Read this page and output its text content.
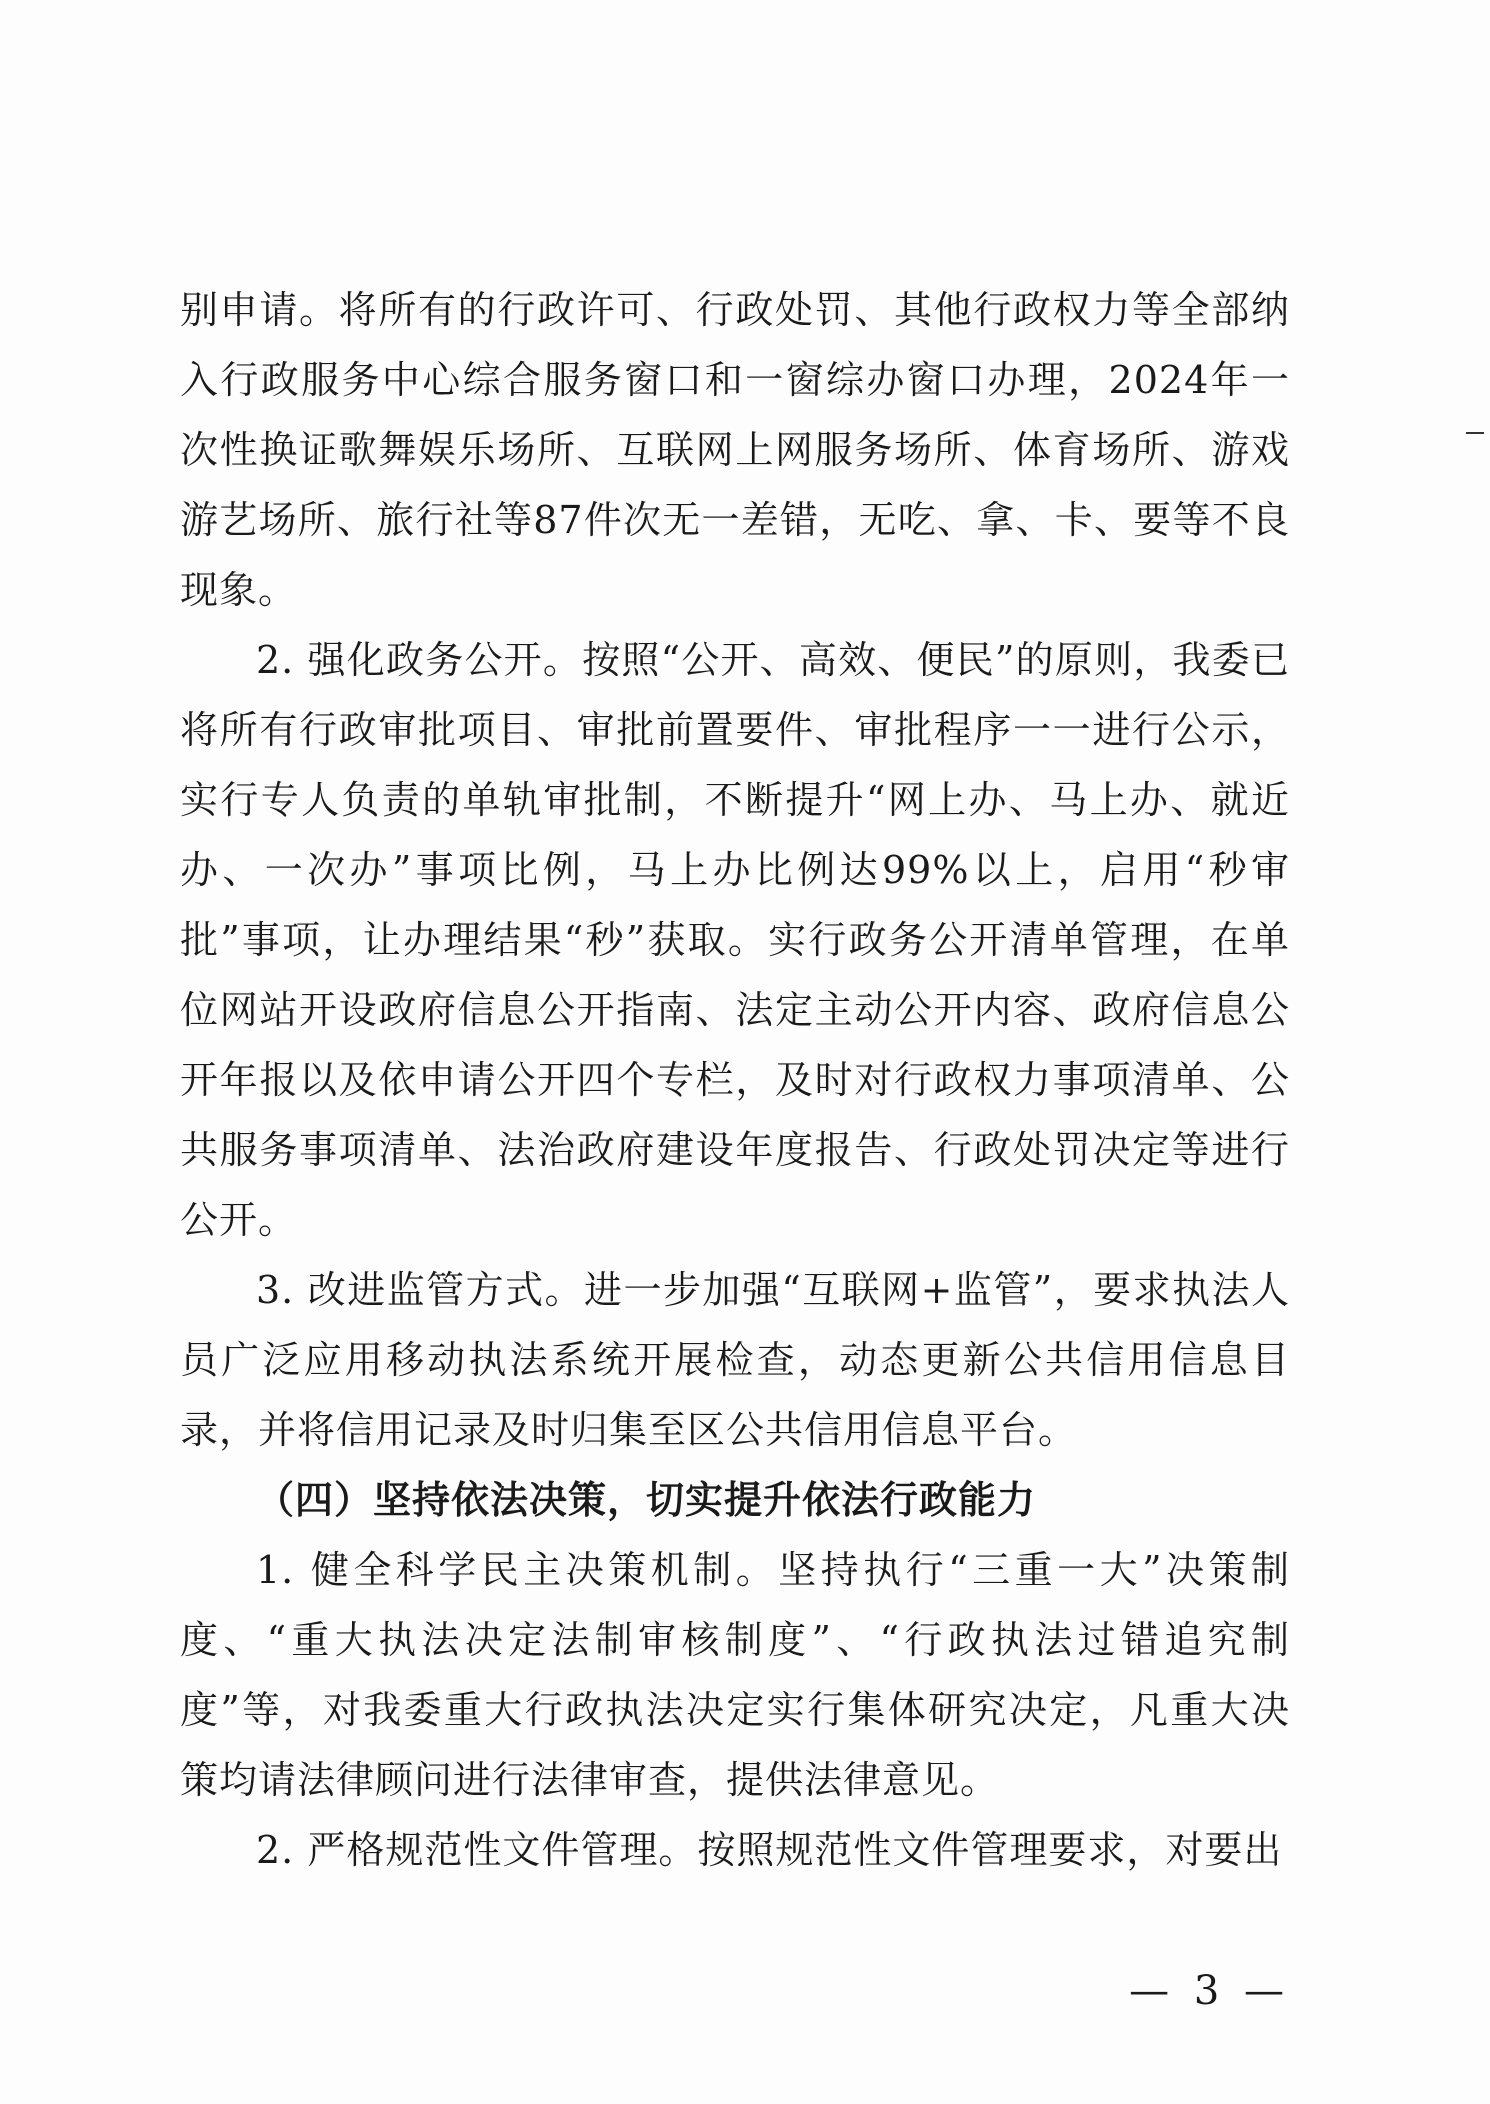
别申请。将所有的行政许可、行政处罚、其他行政权力等全部纳入行政服务中心综合服务窗口和一窗综办窗口办理，2024年一次性换证歌舞娱乐场所、互联网上网服务场所、体育场所、游戏游艺场所、旅行社等87件次无一差错，无吃、拿、卡、要等不良现象。

2. 强化政务公开。按照“公开、高效、便民”的原则，我委已将所有行政审批项目、审批前置要件、审批程序一一进行公示，实行专人负责的单轨审批制，不断提升“网上办、马上办、就近办、一次办”事项比例，马上办比例达99%以上，启用“秒审批”事项，让办理结果“秒”获取。实行政务公开清单管理，在单位网站开设政府信息公开指南、法定主动公开内容、政府信息公开年报以及依申请公开四个专栏，及时对行政权力事项清单、公共服务事项清单、法治政府建设年度报告、行政处罚决定等进行公开。

3. 改进监管方式。进一步加强“互联网+监管”，要求执法人员广泛应用移动执法系统开展检查，动态更新公共信用信息目录，并将信用记录及时归集至区公共信用信息平台。

（四）坚持依法决策，切实提升依法行政能力

1. 健全科学民主决策机制。坚持执行“三重一大”决策制度、“重大执法决定法制审核制度”、“行政执法过错追究制度”等，对我委重大行政执法决定实行集体研究决定，凡重大决策均请法律顾问进行法律审查，提供法律意见。

2. 严格规范性文件管理。按照规范性文件管理要求，对要出

— 3 —
